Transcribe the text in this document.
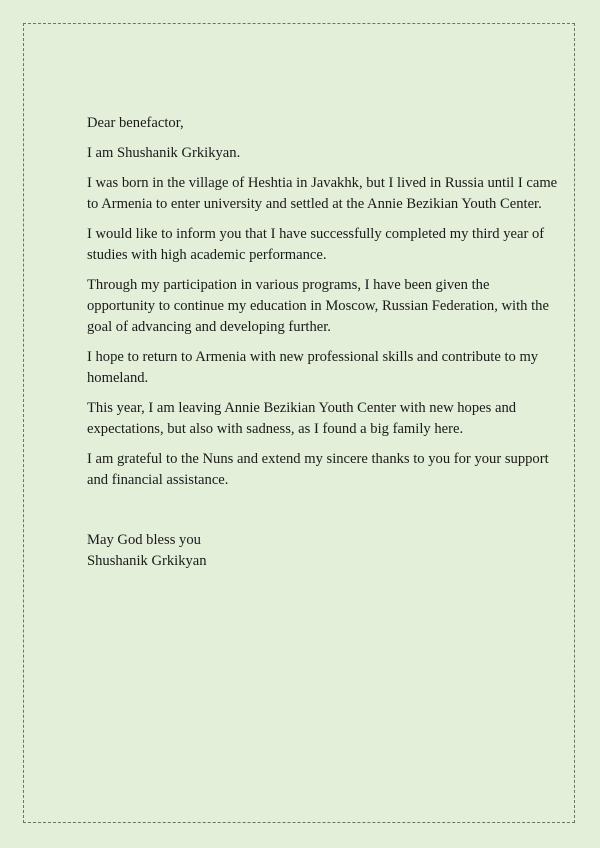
Dear benefactor,

I am Shushanik Grkikyan.

I was born in the village of Heshtia in Javakhk, but I lived in Russia until I came to Armenia to enter university and settled at the Annie Bezikian Youth Center.

I would like to inform you that I have successfully completed my third year of studies with high academic performance.

Through my participation in various programs, I have been given the opportunity to continue my education in Moscow, Russian Federation, with the goal of advancing and developing further.

I hope to return to Armenia with new professional skills and contribute to my homeland.

This year, I am leaving Annie Bezikian Youth Center with new hopes and expectations, but also with sadness, as I found a big family here.

I am grateful to the Nuns and extend my sincere thanks to you for your support and financial assistance.

May God bless you
Shushanik Grkikyan
